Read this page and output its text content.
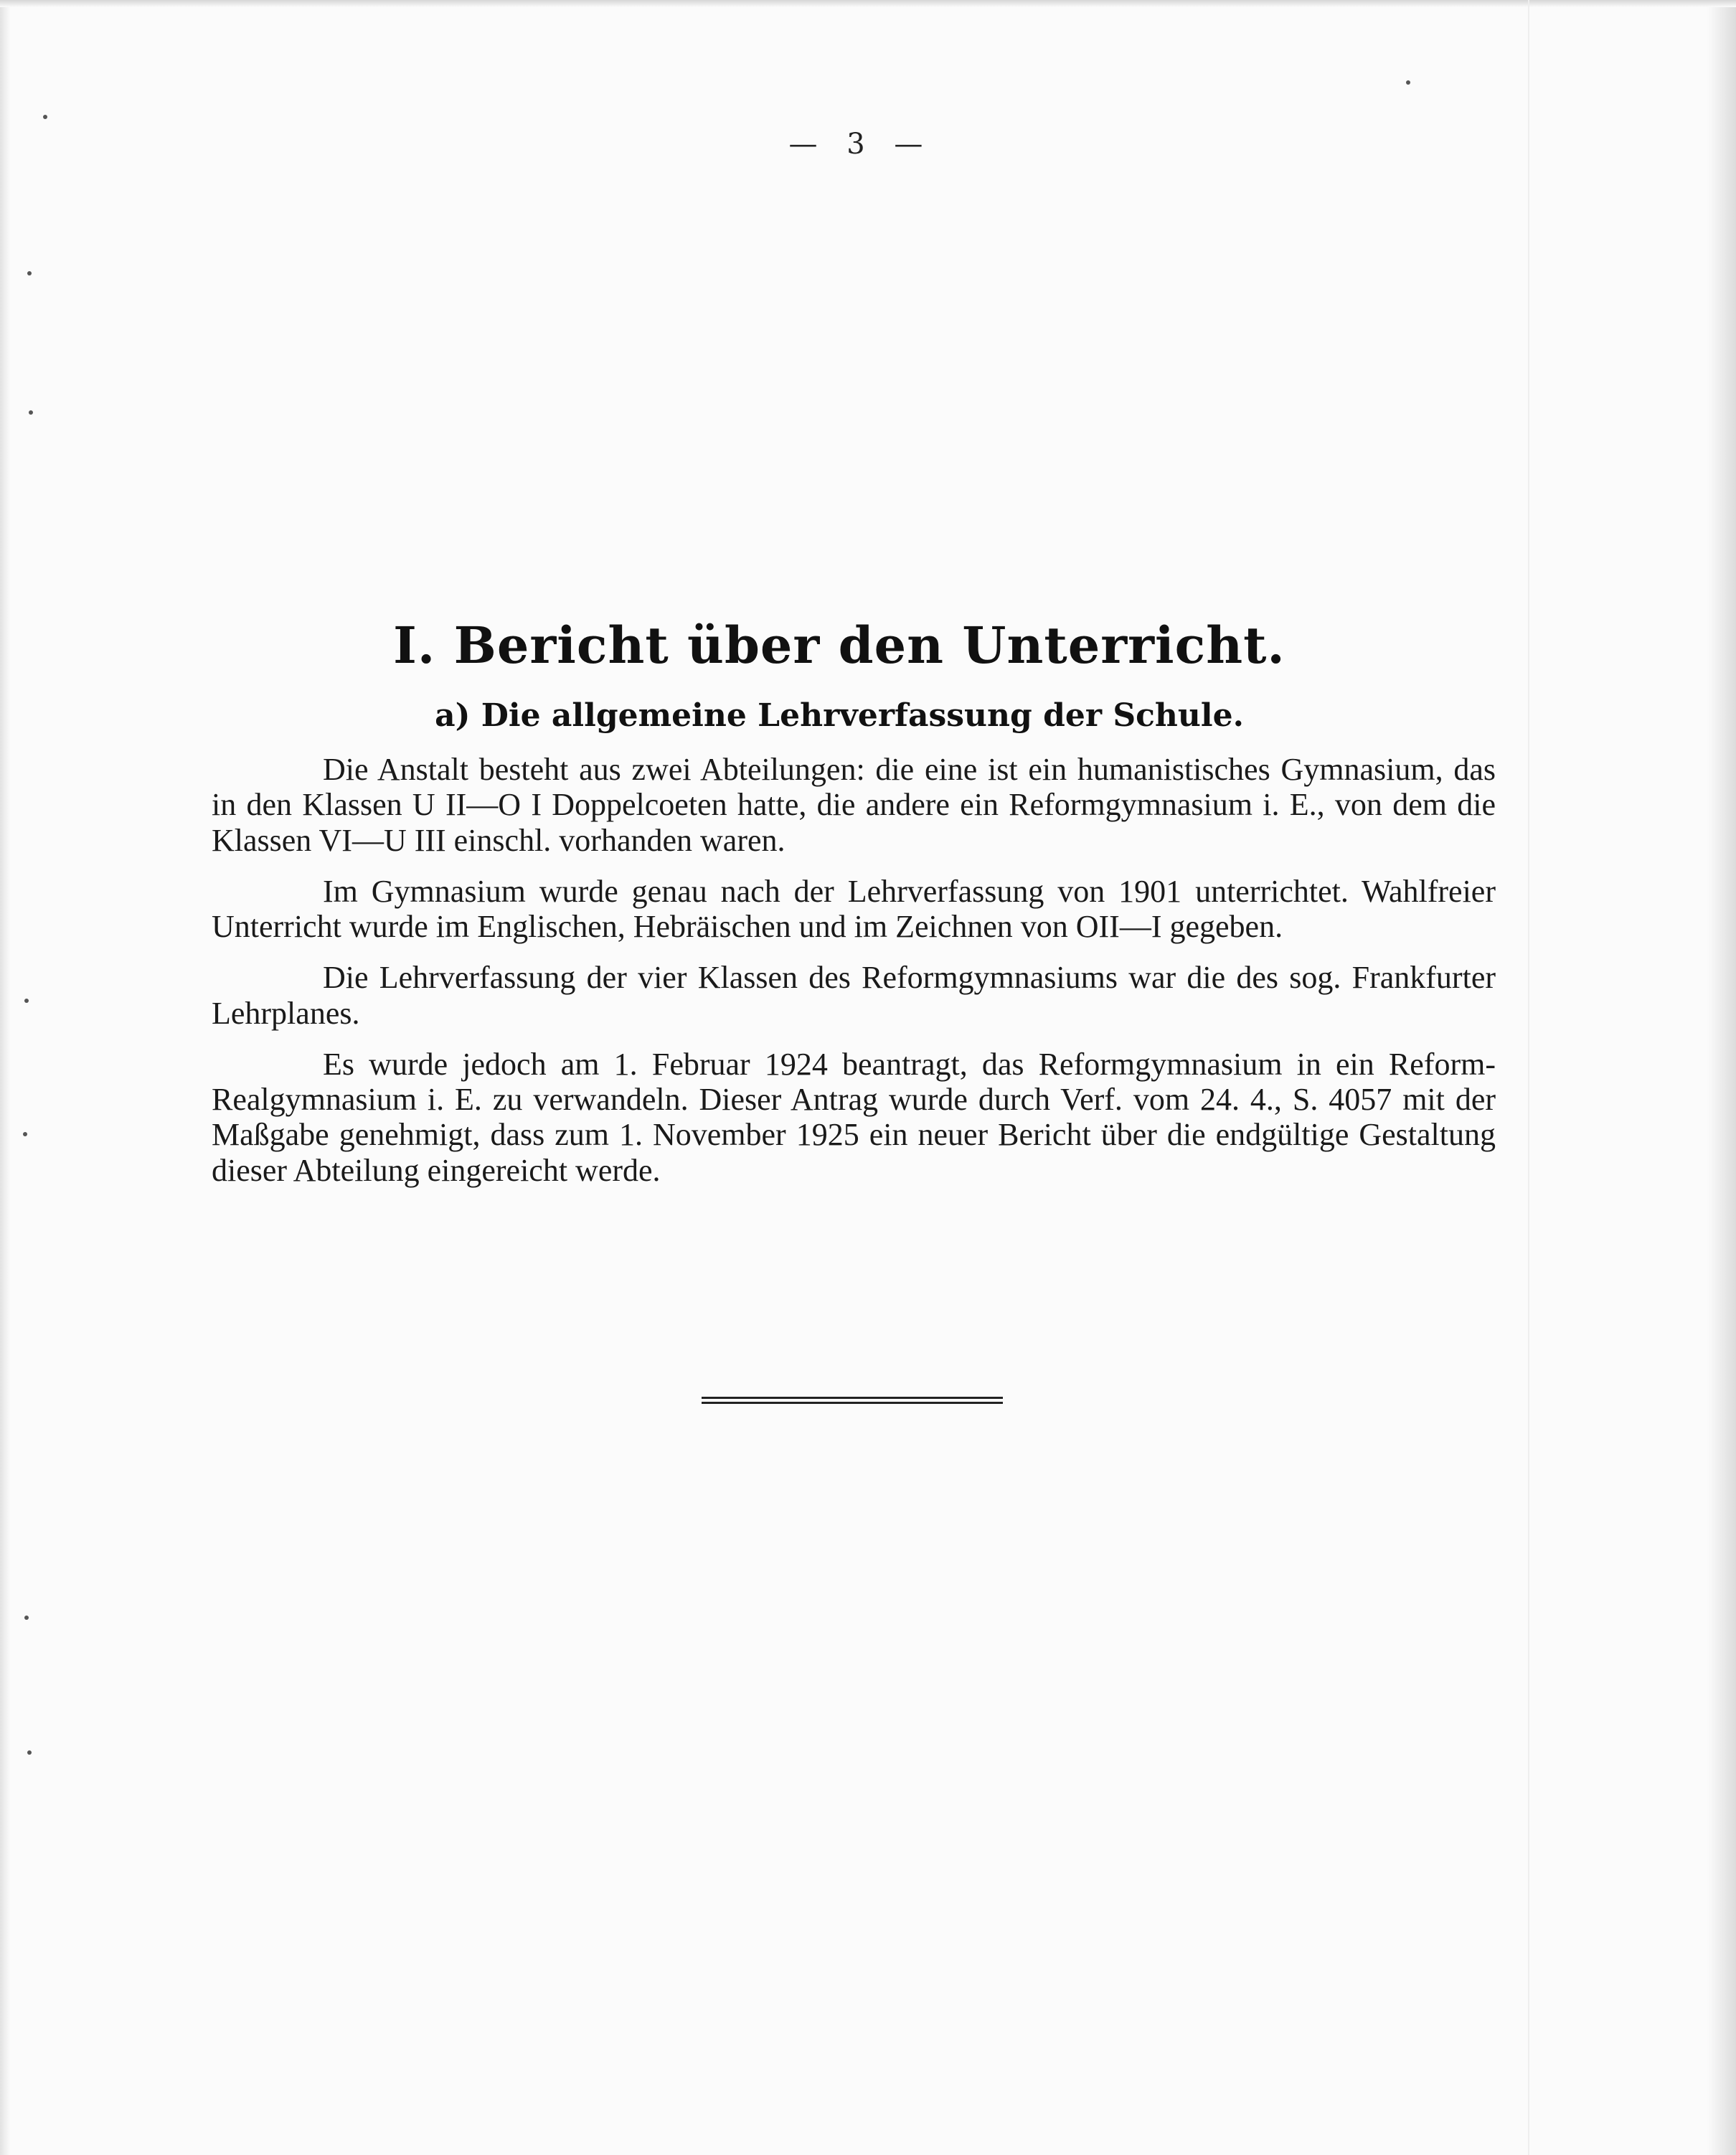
— 3 —
I. Bericht über den Unterricht.
a) Die allgemeine Lehrverfassung der Schule.

Die Anstalt besteht aus zwei Abteilungen: die eine ist ein humanistisches Gymnasium, das in den Klassen U II—O I Doppelcoeten hatte, die andere ein Reformgymnasium i. E., von dem die Klassen VI—U III einschl. vorhanden waren.

Im Gymnasium wurde genau nach der Lehrverfassung von 1901 unterrichtet. Wahlfreier Unterricht wurde im Englischen, Hebräischen und im Zeichnen von OII—I gegeben.

Die Lehrverfassung der vier Klassen des Reformgymnasiums war die des sog. Frankfurter Lehrplanes.

Es wurde jedoch am 1. Februar 1924 beantragt, das Reformgymnasium in ein Reform-Realgymnasium i. E. zu verwandeln. Dieser Antrag wurde durch Verf. vom 24. 4., S. 4057 mit der Maßgabe genehmigt, dass zum 1. November 1925 ein neuer Bericht über die endgültige Gestaltung dieser Abteilung eingereicht werde.
